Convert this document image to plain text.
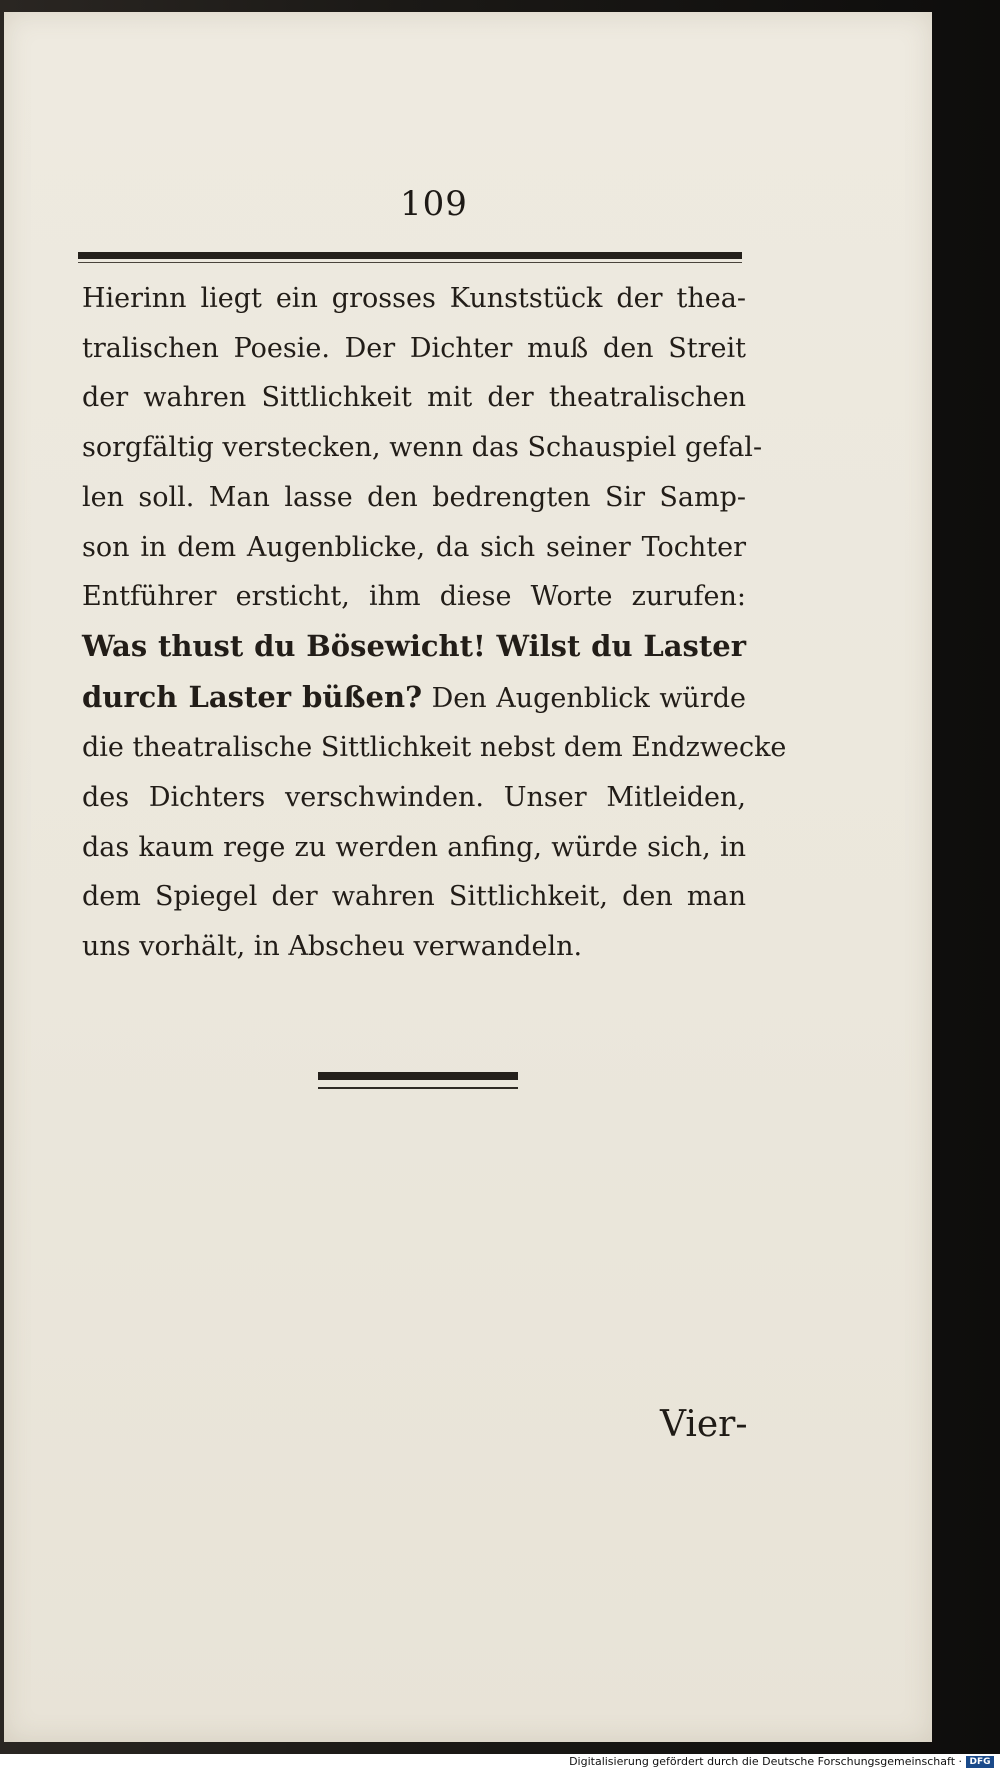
109
Hierinn liegt ein grosses Kunststück der thea-
tralischen Poesie. Der Dichter muß den Streit
der wahren Sittlichkeit mit der theatralischen
sorgfältig verstecken, wenn das Schauspiel gefal-
len soll. Man lasse den bedrengten Sir Samp-
son in dem Augenblicke, da sich seiner Tochter
Entführer ersticht, ihm diese Worte zurufen:
Was thust du Bösewicht! Wilst du Laster
durch Laster büßen? Den Augenblick würde
die theatralische Sittlichkeit nebst dem Endzwecke
des Dichters verschwinden. Unser Mitleiden,
das kaum rege zu werden anfing, würde sich, in
dem Spiegel der wahren Sittlichkeit, den man
uns vorhält, in Abscheu verwandeln.
Vier-
Digitalisierung gefördert durch die Deutsche Forschungsgemeinschaft · DFG
